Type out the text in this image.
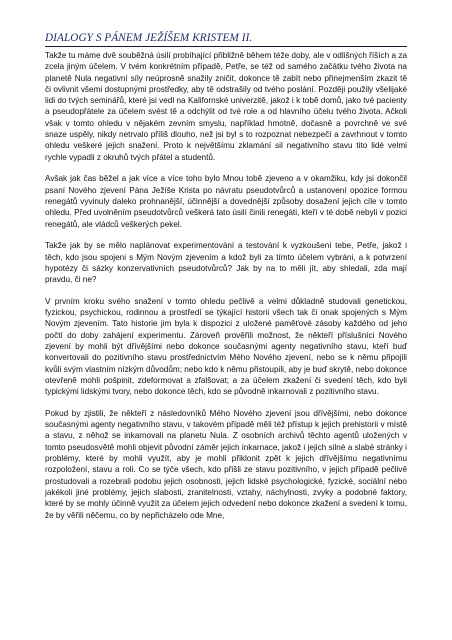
DIALOGY S PÁNEM JEŽÍŠEM KRISTEM II.

Takže tu máme dvě souběžná úsilí probíhající přibližně během téže doby, ale v odlišných říších a za zcela jiným účelem. V tvém konkrétním případě, Petře, se též od samého začátku tvého života na planetě Nula negativní síly neúprosně snažily zničit, dokonce tě zabít nebo přinejmenším zkazit tě či ovlivnit všemi dostupnými prostředky, aby tě odstrašily od tvého poslání. Později použily všelijaké lidi do tvých seminářů, které jsi vedl na Kalifornské univerzitě, jakož i k tobě domů, jako tvé pacienty a pseudopřátele za účelem svést tě a odchýlit od tvé role a od hlavního účelu tvého života. Ačkoli však v tomto ohledu v nějakém zevním smyslu, například hmotně, dočasně a povrchně ve své snaze uspěly, nikdy netrvalo příliš dlouho, než jsi byl s to rozpoznat nebezpečí a zavrhnout v tomto ohledu veškeré jejich snažení. Proto k největšímu zklamání sil negativního stavu tito lidé velmi rychle vypadli z okruhů tvých přátel a studentů.

Avšak jak čas běžel a jak více a více toho bylo Mnou tobě zjeveno a v okamžiku, kdy jsi dokončil psaní Nového zjevení Pána Ježíše Krista po návratu pseudotvůrců a ustanovení opozice formou renegátů vyvinuly daleko prohnanější, účinnější a dovednější způsoby dosažení jejich cíle v tomto ohledu. Před uvolněním pseudotvůrců veškerá tato úsilí činili renegáti, kteří v té době nebyli v pozici renegátů, ale vládců veškerých pekel.

Takže jak by se mělo naplánovat experimentování a testování k vyzkoušení tebe, Petře, jakož i těch, kdo jsou spojeni s Mým Novým zjevením a kdož byli za tímto účelem vybráni, a k potvrzení hypotézy či sázky konzervativních pseudotvůrců? Jak by na to měli jít, aby shledali, zda mají pravdu, či ne?

V prvním kroku svého snažení v tomto ohledu pečlivě a velmi důkladně studovali genetickou, fyzickou, psychickou, rodinnou a prostředí se týkající historii všech tak či onak spojených s Mým Novým zjevením. Tato historie jim byla k dispozici z uložené paměťové zásoby každého od jeho počtí do doby zahájení experimentu. Zároveň prověřili možnost, že někteří příslušníci Nového zjevení by mohli být dřívějšími nebo dokonce současnými agenty negativního stavu, kteří buď konvertovali do pozitivního stavu prostřednictvím Mého Nového zjevení, nebo se k němu připojili kvůli svým vlastním nízkým důvodům; nebo kdo k němu přistoupili, aby je buď skrytě, nebo dokonce otevřeně mohli pošpinit, zdeformovat a zfalšovat; a za účelem zkažení či svedení těch, kdo byli typickými lidskými tvory, nebo dokonce těch, kdo se původně inkarnovali z pozitivního stavu.

Pokud by zjistili, že někteří z následovníků Mého Nového zjevení jsou dřívějšími, nebo dokonce současnými agenty negativního stavu, v takovém případě měli též přístup k jejich prehistorii v místě a stavu, z něhož se inkarnovali na planetu Nula. Z osobních archivů těchto agentů uložených v tomto pseudosvětě mohli objevit původní záměr jejich inkarnace, jakož i jejich silné a slabé stránky i problémy, které by mohli využít, aby je mohli přiklonit zpět k jejich dřívějšímu negativnímu rozpoložení, stavu a roli. Co se týče všech, kdo přišli ze stavu pozitivního, v jejich případě pečlivě prostudovali a rozebrali podobu jejich osobnosti, jejich lidské psychologické, fyzické, sociální nebo jakékoli jiné problémy, jejich slabosti, zranitelnosti, vztahy, náchylnosti, zvyky a podobné faktory, které by se mohly účinně využít za účelem jejich odvedení nebo dokonce zkažení a svedení k tomu, že by věřili něčemu, co by nepřicházelo ode Mne,
